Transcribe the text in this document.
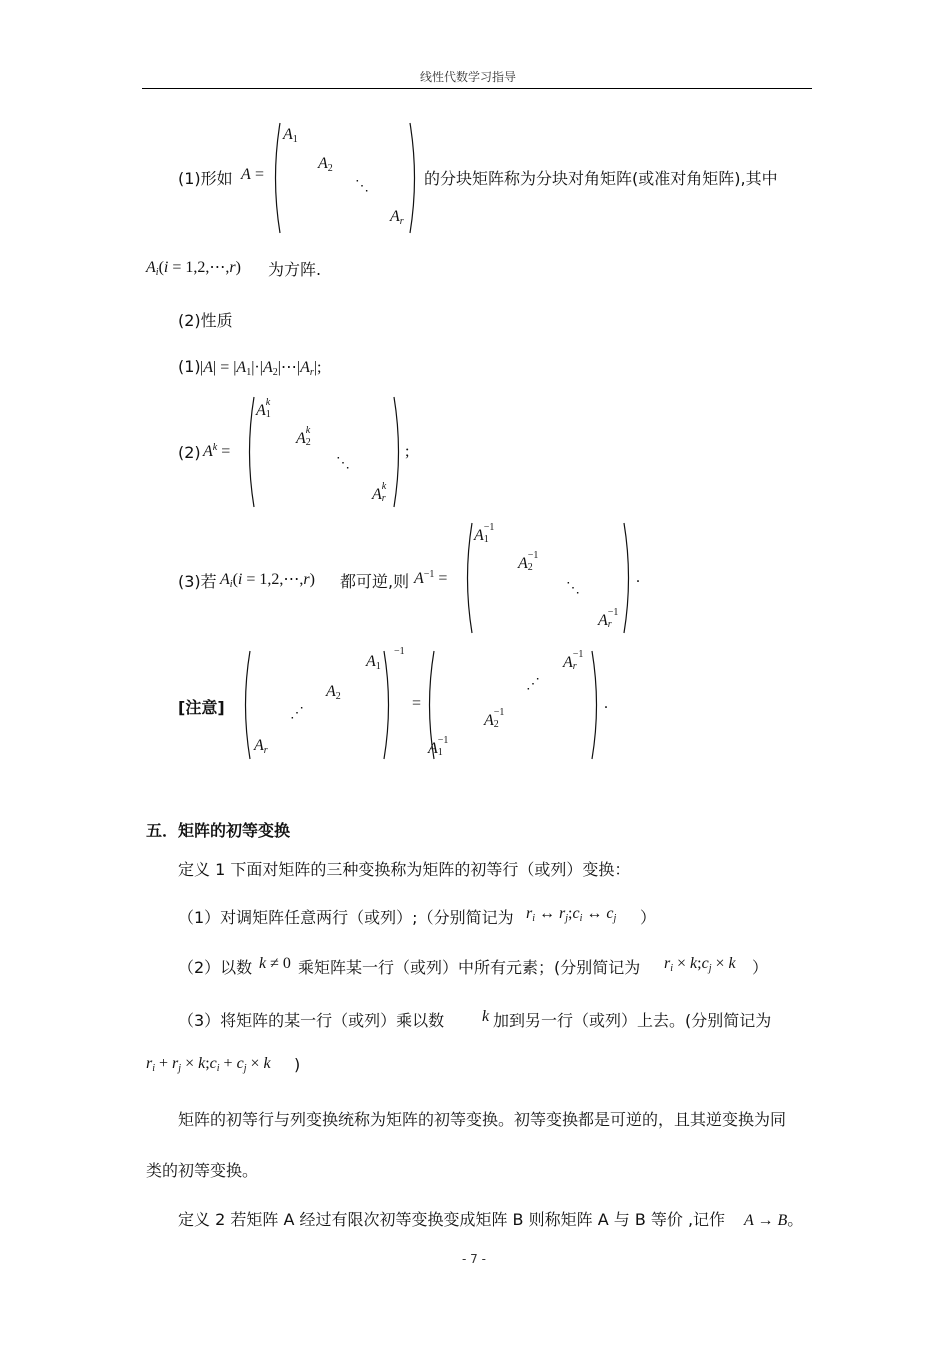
线性代数学习指导
(1)形如 A =
$A_1$
$A_2$
⋱
$A_r$
的分块矩阵称为分块对角矩阵(或准对角矩阵),其中
$A_i(i$ = 1,2,⋯,r) 为方阵.
(2)性质
(1) $|A| = |A_1|\cdot|A_2|\cdots|A_r|$;
(2) $A^k$ =
A k
1
A k
2
⋱
A k
r
;
(3)若 $A_i(i$ = 1,2,⋯,r) 都可逆,则 $A^{-1}$ =
A −1
1
A −1
2
⋱
A −1
r
.
[注意]
$A_1$
$A_2$
⋰
$A_r$
−1
=
A −1
r
⋰
A −1
2
A −1
1
.
五．矩阵的初等变换
定义 1 下面对矩阵的三种变换称为矩阵的初等行（或列）变换：
（1）对调矩阵任意两行（或列）;（分别简记为 $r_i$ ↔ $r_j;c_i$ ↔ $c_j$ ）
（2）以数 k ≠ 0 乘矩阵某一行（或列）中所有元素；(分别简记为 $r_i$ × $k;c_j \times k$ ）
（3）将矩阵的某一行（或列）乘以数 k 加到另一行（或列）上去。(分别简记为
$r_i + r_j$ × $k;c_i + c_j \times k$ )
矩阵的初等行与列变换统称为矩阵的初等变换。初等变换都是可逆的，且其逆变换为同
类的初等变换。
定义 2 若矩阵 A 经过有限次初等变换变成矩阵 B 则称矩阵 A 与 B 等价 ,记作 A → B。
- 7 -
